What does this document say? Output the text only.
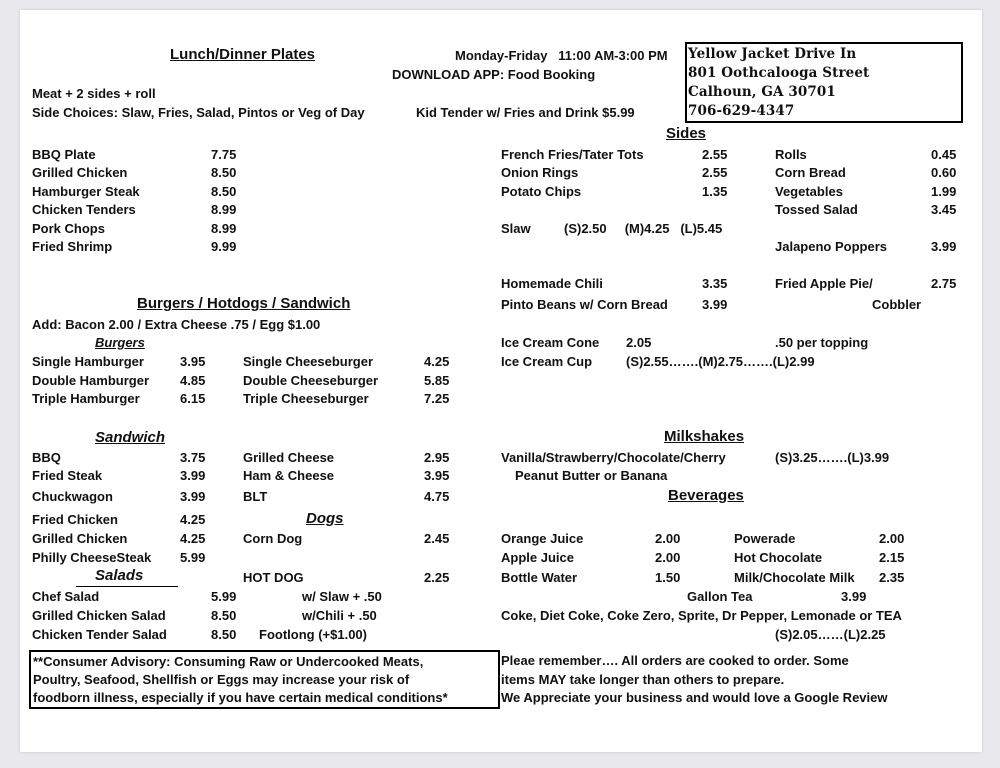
Lunch/Dinner Plates	Monday-Friday   11:00 AM-3:00 PM
DOWNLOAD APP: Food Booking
Meat + 2 sides + roll
Side Choices: Slaw, Fries, Salad, Pintos or Veg of Day	Kid Tender w/ Fries and Drink $5.99
Yellow Jacket Drive In
801 Oothcalooga Street
Calhoun, GA 30701
706-629-4347
BBQ Plate	7.75
Grilled Chicken	8.50
Hamburger Steak	8.50
Chicken Tenders	8.99
Pork Chops	8.99
Fried Shrimp	9.99
Burgers / Hotdogs / Sandwich
Add: Bacon 2.00 / Extra Cheese .75 / Egg $1.00
Burgers
Single Hamburger	3.95
Double Hamburger 4.85
Triple Hamburger	6.15
Single Cheeseburger	4.25
Double Cheeseburger	5.85
Triple Cheeseburger	7.25
Sandwich
BBQ	3.75
Fried Steak	3.99
Chuckwagon	3.99
Fried Chicken	4.25
Grilled Chicken	4.25
Philly CheeseSteak 5.99
Grilled Cheese	2.95
Ham & Cheese	3.95
BLT	4.75
Dogs
Corn Dog	2.45
HOT DOG	2.25
w/ Slaw + .50
w/Chili + .50
Footlong (+$1.00)
Salads
Chef Salad	5.99
Grilled Chicken Salad	8.50
Chicken Tender Salad	8.50
**Consumer Advisory: Consuming Raw or Undercooked Meats,
Poultry, Seafood, Shellfish or Eggs may increase your risk of
foodborn illness, especially if you have certain medical conditions*
Sides
French Fries/Tater Tots	2.55
Onion Rings	2.55
Potato Chips	1.35
Slaw	(S)2.50     (M)4.25   (L)5.45
Rolls	0.45
Corn Bread	0.60
Vegetables	1.99
Tossed Salad	3.45
Jalapeno Poppers	3.99
Homemade Chili	3.35
Pinto Beans w/ Corn Bread	3.99
Fried Apple Pie/	2.75
Cobbler
Ice Cream Cone 2.05	.50 per topping
Ice Cream Cup	(S)2.55…….(M)2.75…….(L)2.99
Milkshakes
Vanilla/Strawberry/Chocolate/Cherry	(S)3.25…….(L)3.99
Peanut Butter or Banana
Beverages
Orange Juice	2.00
Apple Juice	2.00
Bottle Water	1.50
Powerade	2.00
Hot Chocolate	2.15
Milk/Chocolate Milk 2.35
Gallon Tea	3.99
Coke, Diet Coke, Coke Zero, Sprite, Dr Pepper, Lemonade or TEA
(S)2.05……(L)2.25
Pleae remember…. All orders are cooked to order. Some
items MAY take longer than others to prepare.
We Appreciate your business and would love a Google Review
